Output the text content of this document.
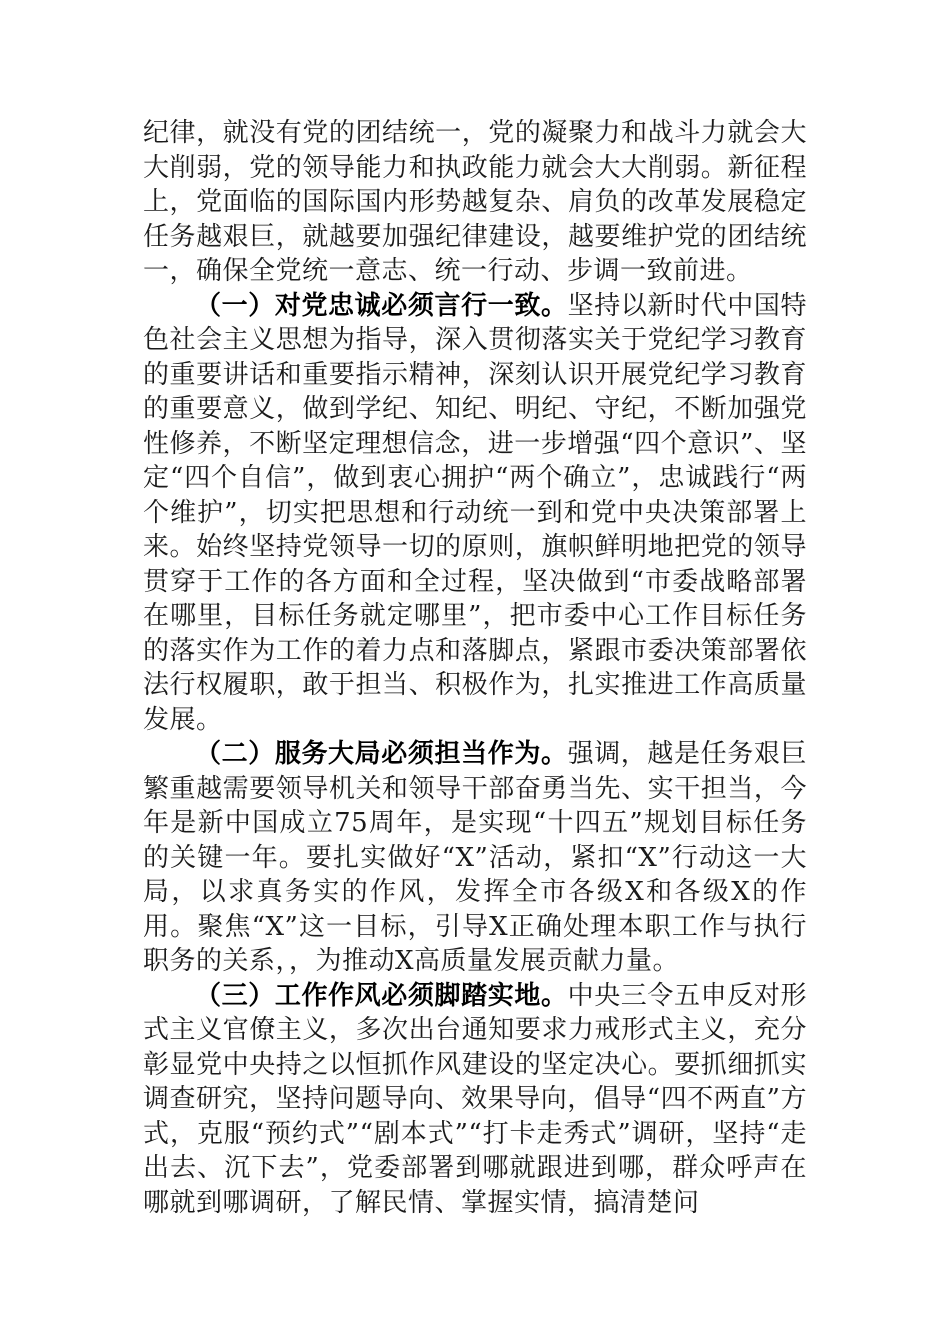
纪律，就没有党的团结统一，党的凝聚力和战斗力就会大大削弱，党的领导能力和执政能力就会大大削弱。新征程上，党面临的国际国内形势越复杂、肩负的改革发展稳定任务越艰巨，就越要加强纪律建设，越要维护党的团结统一，确保全党统一意志、统一行动、步调一致前进。

（一）对党忠诚必须言行一致。坚持以新时代中国特色社会主义思想为指导，深入贯彻落实关于党纪学习教育的重要讲话和重要指示精神，深刻认识开展党纪学习教育的重要意义，做到学纪、知纪、明纪、守纪，不断加强党性修养，不断坚定理想信念，进一步增强“四个意识”、坚定“四个自信”，做到衷心拥护“两个确立”，忠诚践行“两个维护”，切实把思想和行动统一到和党中央决策部署上来。始终坚持党领导一切的原则，旗帜鲜明地把党的领导贯穿于工作的各方面和全过程，坚决做到“市委战略部署在哪里，目标任务就定哪里”，把市委中心工作目标任务的落实作为工作的着力点和落脚点，紧跟市委决策部署依法行权履职，敢于担当、积极作为，扎实推进工作高质量发展。

（二）服务大局必须担当作为。强调，越是任务艰巨繁重越需要领导机关和领导干部奋勇当先、实干担当，今年是新中国成立75周年，是实现“十四五”规划目标任务的关键一年。要扎实做好“X”活动，紧扣“X”行动这一大局，以求真务实的作风，发挥全市各级X和各级X的作用。聚焦“X”这一目标，引导X正确处理本职工作与执行职务的关系，，为推动X高质量发展贡献力量。

（三）工作作风必须脚踏实地。中央三令五申反对形式主义官僚主义，多次出台通知要求力戒形式主义，充分彰显党中央持之以恒抓作风建设的坚定决心。要抓细抓实调查研究，坚持问题导向、效果导向，倡导“四不两直”方式，克服“预约式”“剧本式”“打卡走秀式”调研，坚持“走出去、沉下去”，党委部署到哪就跟进到哪，群众呼声在哪就到哪调研，了解民情、掌握实情，搞清楚问
